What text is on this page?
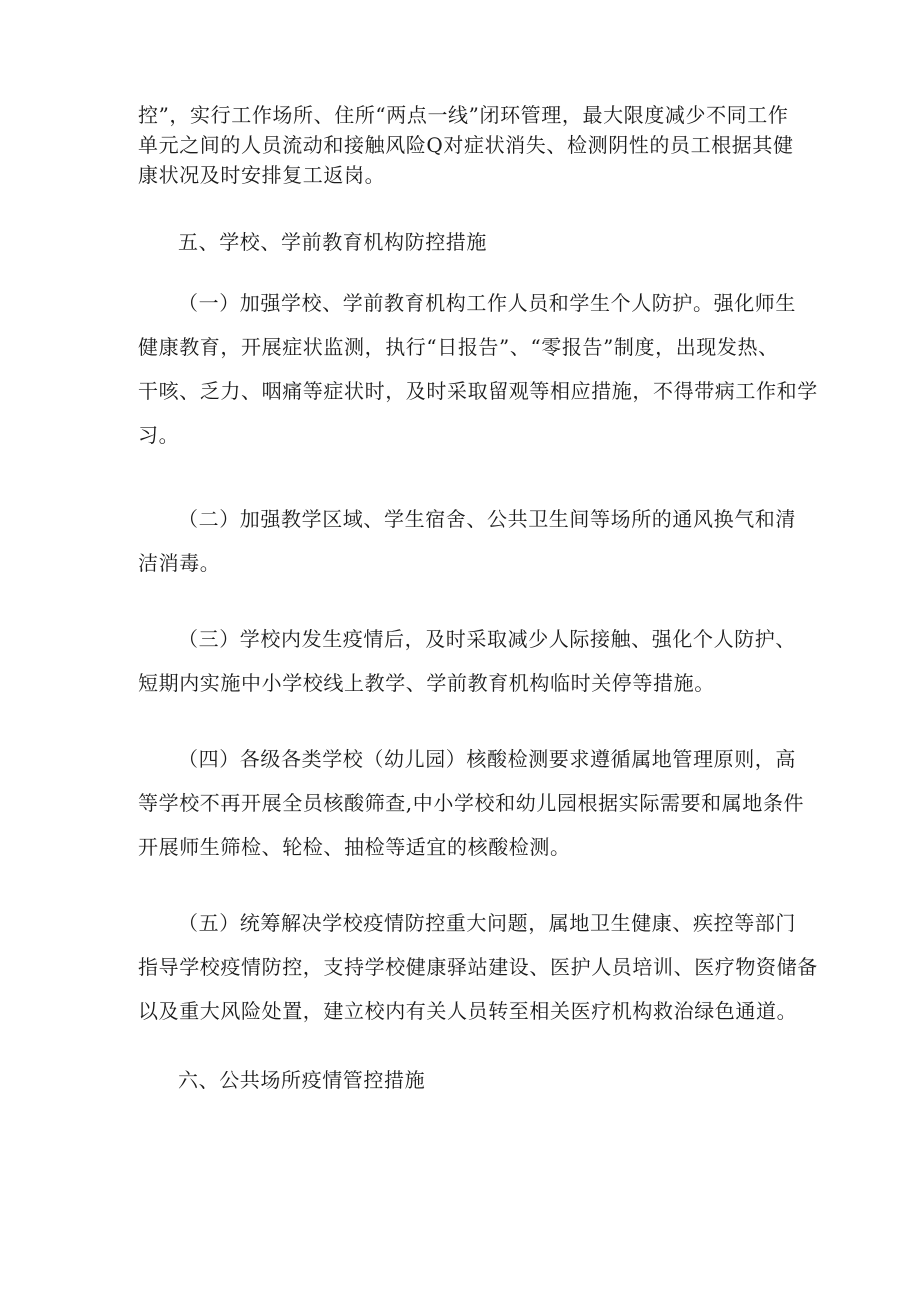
控”，实行工作场所、住所“两点一线”闭环管理，最大限度减少不同工作
单元之间的人员流动和接触风险Q对症状消失、检测阴性的员工根据其健
康状况及时安排复工返岗。

五、学校、学前教育机构防控措施

（一）加强学校、学前教育机构工作人员和学生个人防护。强化师生
健康教育，开展症状监测，执行“日报告”、“零报告”制度，出现发热、
干咳、乏力、咽痛等症状时，及时采取留观等相应措施，不得带病工作和学
习。

（二）加强教学区域、学生宿舍、公共卫生间等场所的通风换气和清
洁消毒。

（三）学校内发生疫情后，及时采取减少人际接触、强化个人防护、
短期内实施中小学校线上教学、学前教育机构临时关停等措施。

（四）各级各类学校（幼儿园）核酸检测要求遵循属地管理原则，高
等学校不再开展全员核酸筛查,中小学校和幼儿园根据实际需要和属地条件
开展师生筛检、轮检、抽检等适宜的核酸检测。

（五）统筹解决学校疫情防控重大问题，属地卫生健康、疾控等部门
指导学校疫情防控，支持学校健康驿站建设、医护人员培训、医疗物资储备
以及重大风险处置，建立校内有关人员转至相关医疗机构救治绿色通道。

六、公共场所疫情管控措施
